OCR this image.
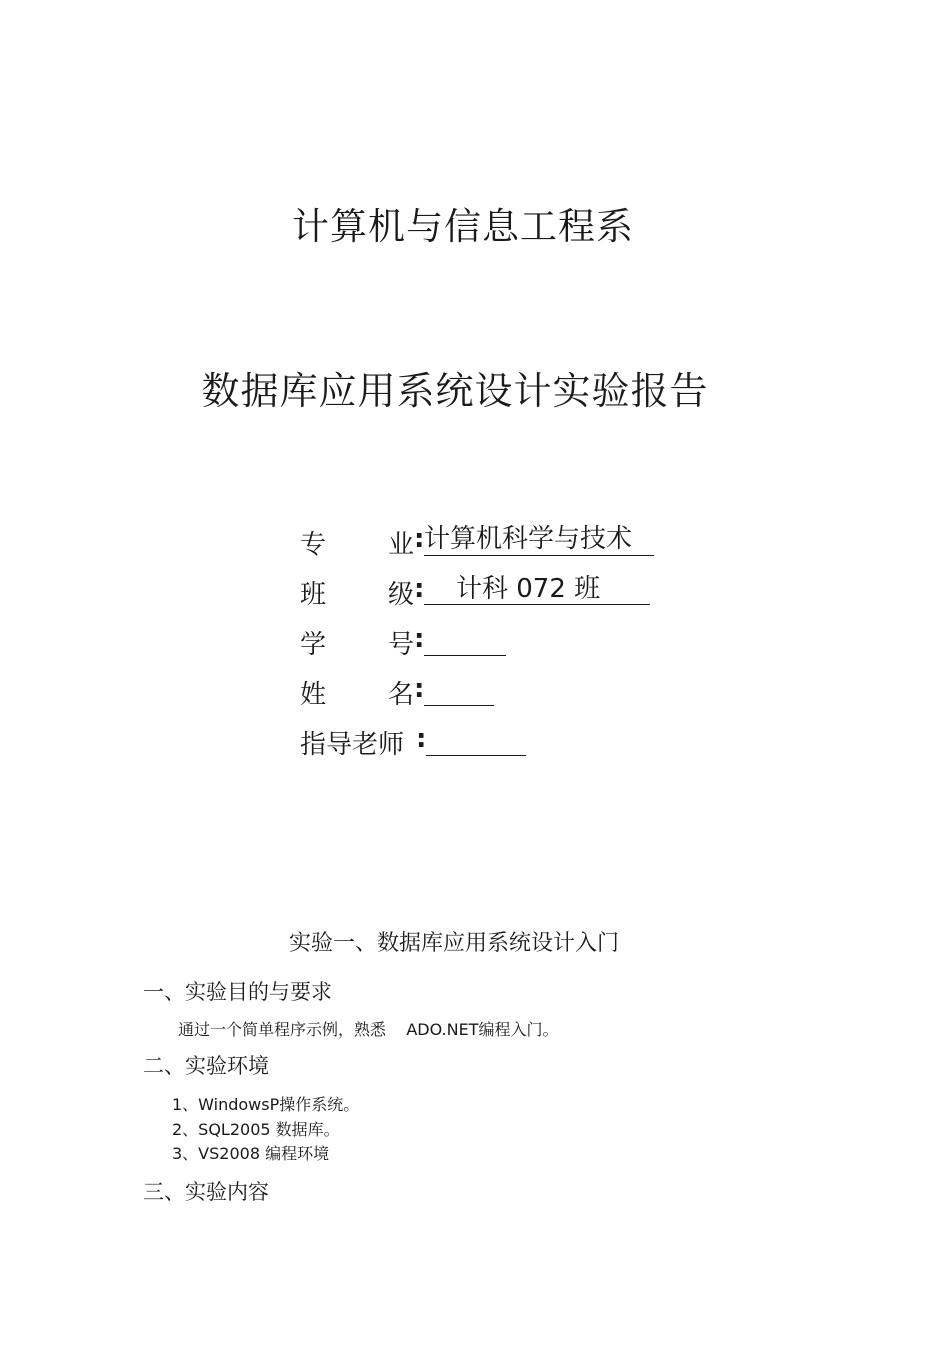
计算机与信息工程系
数据库应用系统设计实验报告
专 业 : 计算机科学与技术
班 级 :	计科 072 班
学 号 :
姓 名 :
指导老师 :
实验一、数据库应用系统设计入门
一、实验目的与要求
通过一个简单程序示例，熟悉    ADO.NET编程入门。
二、实验环境
1、WindowsP操作系统。
2、SQL2005 数据库。
3、VS2008 编程环境
三、实验内容
